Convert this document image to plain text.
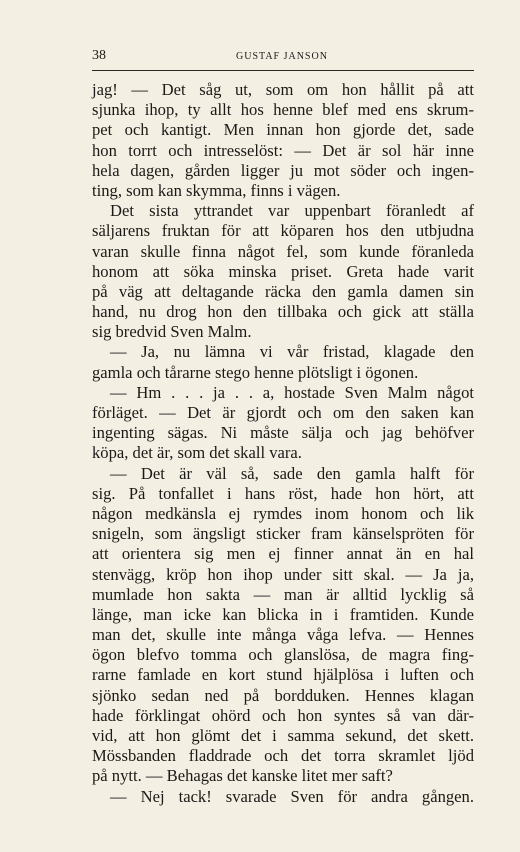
38	GUSTAF JANSON
jag! — Det såg ut, som om hon hållit på att
sjunka ihop, ty allt hos henne blef med ens skrum-
pet och kantigt. Men innan hon gjorde det, sade
hon torrt och intresselöst: — Det är sol här inne
hela dagen, gården ligger ju mot söder och ingen-
ting, som kan skymma, finns i vägen.
Det sista yttrandet var uppenbart föranledt af
säljarens fruktan för att köparen hos den utbjudna
varan skulle finna något fel, som kunde föranleda
honom att söka minska priset. Greta hade varit
på väg att deltagande räcka den gamla damen sin
hand, nu drog hon den tillbaka och gick att ställa
sig bredvid Sven Malm.
— Ja, nu lämna vi vår fristad, klagade den
gamla och tårarne stego henne plötsligt i ögonen.
— Hm . . . ja . . a, hostade Sven Malm något
förläget. — Det är gjordt och om den saken kan
ingenting sägas. Ni måste sälja och jag behöfver
köpa, det är, som det skall vara.
— Det är väl så, sade den gamla halft för
sig. På tonfallet i hans röst, hade hon hört, att
någon medkänsla ej rymdes inom honom och lik
snigeln, som ängsligt sticker fram känselspröten för
att orientera sig men ej finner annat än en hal
stenvägg, kröp hon ihop under sitt skal. — Ja ja,
mumlade hon sakta — man är alltid lycklig så
länge, man icke kan blicka in i framtiden. Kunde
man det, skulle inte många våga lefva. — Hennes
ögon blefvo tomma och glanslösa, de magra fing-
rarne famlade en kort stund hjälplösa i luften och
sjönko sedan ned på bordduken. Hennes klagan
hade förklingat ohörd och hon syntes så van där-
vid, att hon glömt det i samma sekund, det skett.
Mössbanden fladdrade och det torra skramlet ljöd
på nytt. — Behagas det kanske litet mer saft?
— Nej tack! svarade Sven för andra gången.
